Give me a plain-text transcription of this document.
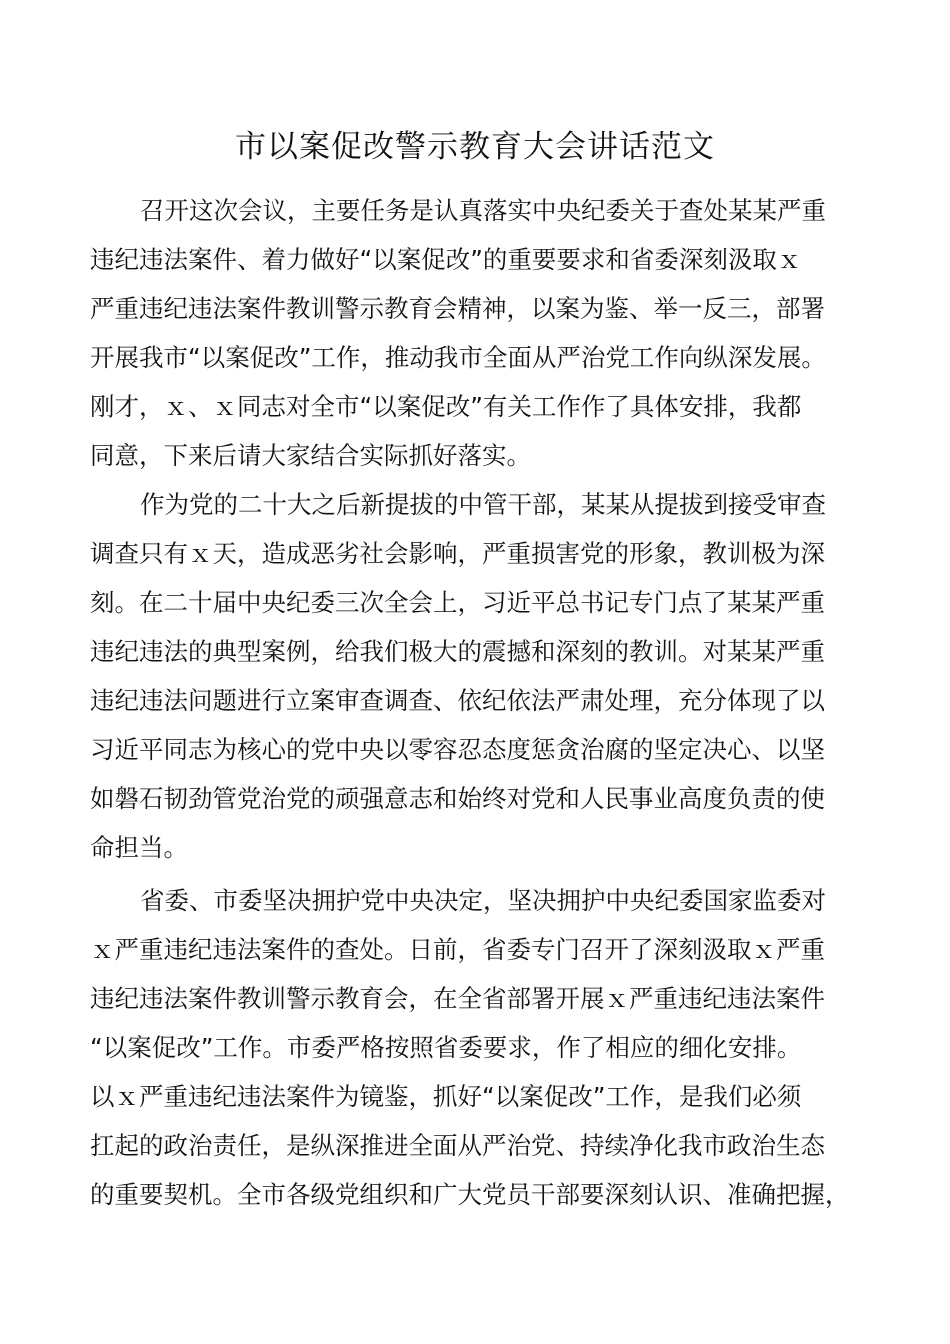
市以案促改警示教育大会讲话范文
召开这次会议，主要任务是认真落实中央纪委关于查处某某严重
违纪违法案件、着力做好“以案促改”的重要要求和省委深刻汲取ｘ
严重违纪违法案件教训警示教育会精神，以案为鉴、举一反三，部署
开展我市“以案促改”工作，推动我市全面从严治党工作向纵深发展。
刚才，ｘ、ｘ同志对全市“以案促改”有关工作作了具体安排，我都
同意，下来后请大家结合实际抓好落实。
作为党的二十大之后新提拔的中管干部，某某从提拔到接受审查
调查只有ｘ天，造成恶劣社会影响，严重损害党的形象，教训极为深
刻。在二十届中央纪委三次全会上，习近平总书记专门点了某某严重
违纪违法的典型案例，给我们极大的震撼和深刻的教训。对某某严重
违纪违法问题进行立案审查调查、依纪依法严肃处理，充分体现了以
习近平同志为核心的党中央以零容忍态度惩贪治腐的坚定决心、以坚
如磐石韧劲管党治党的顽强意志和始终对党和人民事业高度负责的使
命担当。
省委、市委坚决拥护党中央决定，坚决拥护中央纪委国家监委对
ｘ严重违纪违法案件的查处。日前，省委专门召开了深刻汲取ｘ严重
违纪违法案件教训警示教育会，在全省部署开展ｘ严重违纪违法案件
“以案促改”工作。市委严格按照省委要求，作了相应的细化安排。
以ｘ严重违纪违法案件为镜鉴，抓好“以案促改”工作，是我们必须
扛起的政治责任，是纵深推进全面从严治党、持续净化我市政治生态
的重要契机。全市各级党组织和广大党员干部要深刻认识、准确把握，
